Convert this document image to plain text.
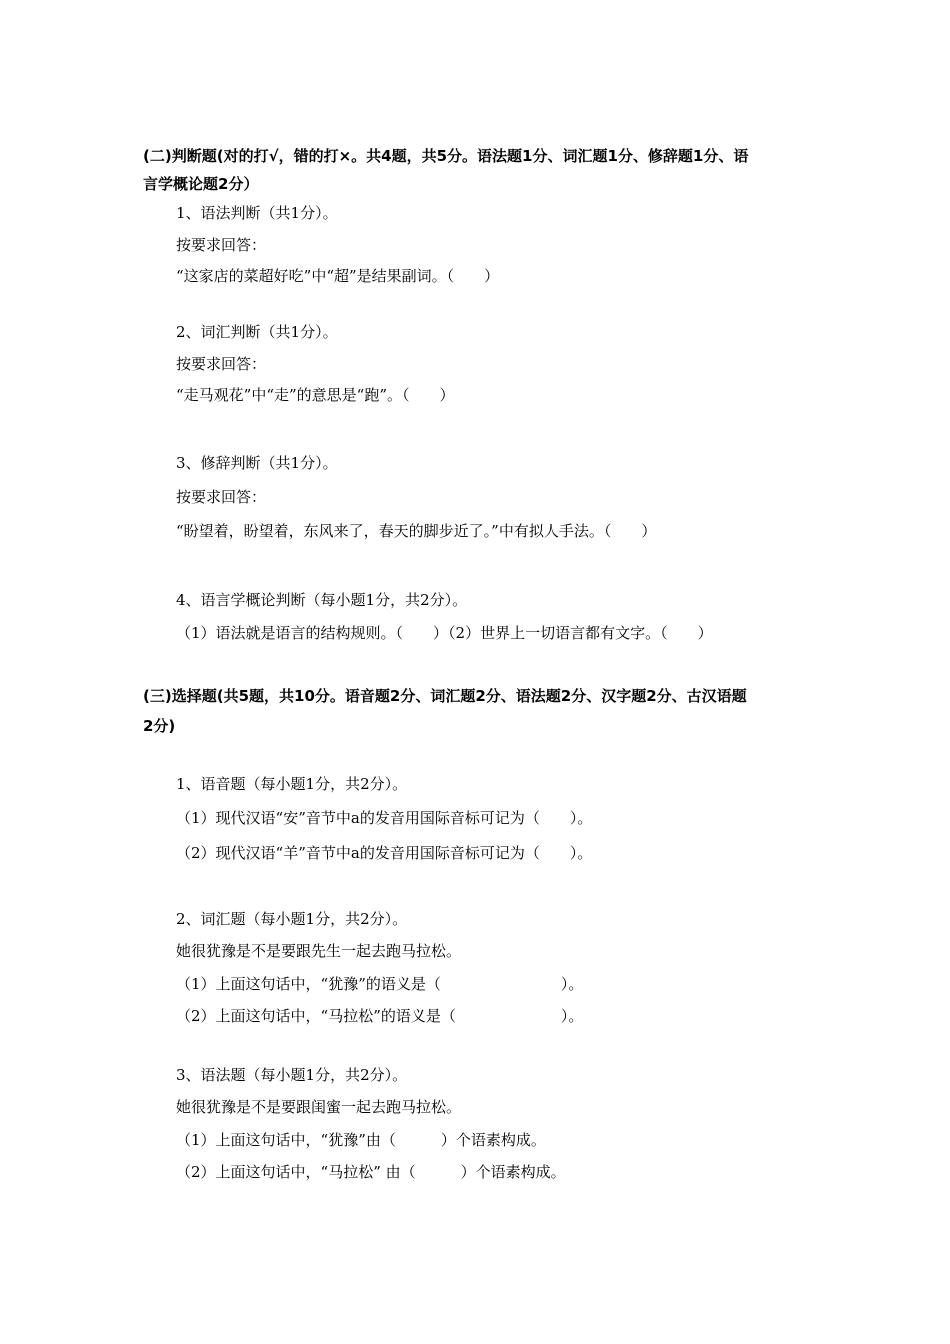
(二)判断题(对的打√，错的打×。共4题，共5分。语法题1分、词汇题1分、修辞题1分、语
言学概论题2分）
1、语法判断（共1分）。
按要求回答：
“这家店的菜超好吃”中“超”是结果副词。（　　）
2、词汇判断（共1分）。
按要求回答：
“走马观花”中“走”的意思是“跑”。（　　）
3、修辞判断（共1分）。
按要求回答：
“盼望着，盼望着，东风来了，春天的脚步近了。”中有拟人手法。（　　）
4、语言学概论判断（每小题1分，共2分）。
（1）语法就是语言的结构规则。（　　）（2）世界上一切语言都有文字。（　　）
(三)选择题(共5题，共10分。语音题2分、词汇题2分、语法题2分、汉字题2分、古汉语题
2分)
1、语音题（每小题1分，共2分）。
（1）现代汉语“安”音节中a的发音用国际音标可记为（　　）。
（2）现代汉语“羊”音节中a的发音用国际音标可记为（　　）。
2、词汇题（每小题1分，共2分）。
她很犹豫是不是要跟先生一起去跑马拉松。
（1）上面这句话中，“犹豫”的语义是（　　　　　　　　）。
（2）上面这句话中，“马拉松”的语义是（　　　　　　　）。
3、语法题（每小题1分，共2分）。
她很犹豫是不是要跟闺蜜一起去跑马拉松。
（1）上面这句话中，“犹豫”由（　　　）个语素构成。
（2）上面这句话中，“马拉松” 由（　　　）个语素构成。
